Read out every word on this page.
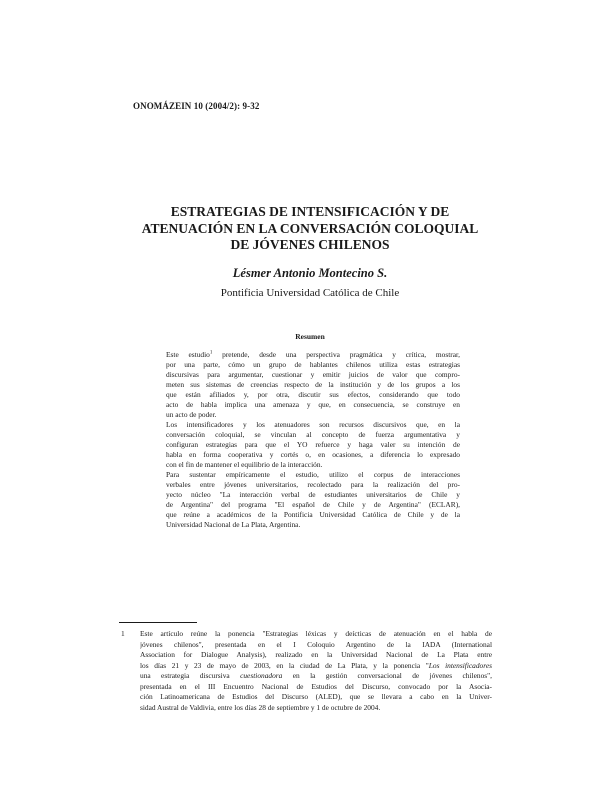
ONOMÁZEIN 10 (2004/2): 9-32
ESTRATEGIAS DE INTENSIFICACIÓN Y DE
ATENUACIÓN EN LA CONVERSACIÓN COLOQUIAL
DE JÓVENES CHILENOS
Lésmer Antonio Montecino S.
Pontificia Universidad Católica de Chile
Resumen
Este estudio$^1$ pretende, desde una perspectiva pragmática y crítica, mostrar,
por una parte, cómo un grupo de hablantes chilenos utiliza estas estrategias
discursivas para argumentar, cuestionar y emitir juicios de valor que compro-
meten sus sistemas de creencias respecto de la institución y de los grupos a los
que están afiliados y, por otra, discutir sus efectos, considerando que todo
acto de habla implica una amenaza y que, en consecuencia, se construye en
un acto de poder.
Los intensificadores y los atenuadores son recursos discursivos que, en la
conversación coloquial, se vinculan al concepto de fuerza argumentativa y
configuran estrategias para que el YO refuerce y haga valer su intención de
habla en forma cooperativa y cortés o, en ocasiones, a diferencia lo expresado
con el fin de mantener el equilibrio de la interacción.
Para sustentar empíricamente el estudio, utilizo el corpus de interacciones
verbales entre jóvenes universitarios, recolectado para la realización del pro-
yecto núcleo "La interacción verbal de estudiantes universitarios de Chile y
de Argentina" del programa "El español de Chile y de Argentina" (ECLAR),
que reúne a académicos de la Pontificia Universidad Católica de Chile y de la
Universidad Nacional de La Plata, Argentina.
1 Este artículo reúne la ponencia "Estrategias léxicas y deícticas de atenuación en el habla de
jóvenes chilenos", presentada en el I Coloquio Argentino de la IADA (International
Association for Dialogue Analysis), realizado en la Universidad Nacional de La Plata entre
los días 21 y 23 de mayo de 2003, en la ciudad de La Plata, y la ponencia "Los intensificadores
una estrategia discursiva cuestionadora en la gestión conversacional de jóvenes chilenos",
presentada en el III Encuentro Nacional de Estudios del Discurso, convocado por la Asocia-
ción Latinoamericana de Estudios del Discurso (ALED), que se llevara a cabo en la Univer-
sidad Austral de Valdivia, entre los días 28 de septiembre y 1 de octubre de 2004.
